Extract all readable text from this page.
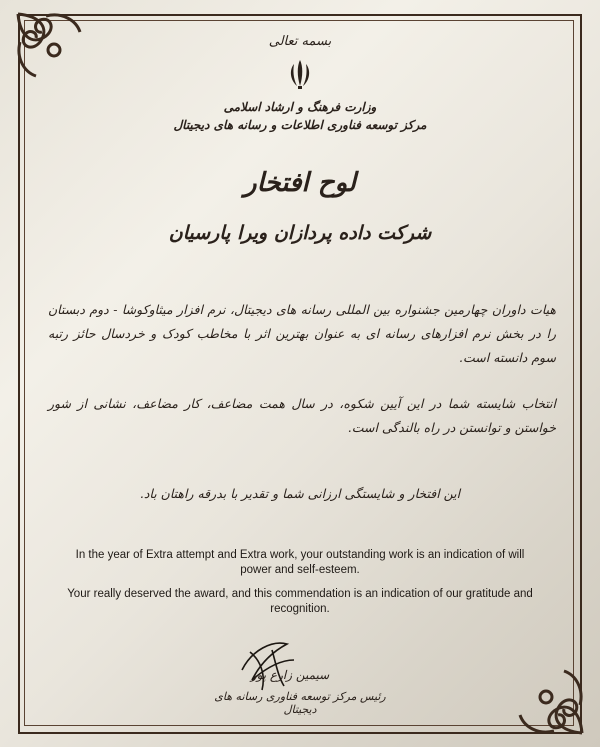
بسمه تعالی
وزارت فرهنگ و ارشاد اسلامی
مرکز توسعه فناوری اطلاعات و رسانه های دیجیتال
لوح افتخار
شرکت داده پردازان ویرا پارسیان
هیات داوران چهارمین جشنواره بین المللی رسانه های دیجیتال، نرم افزار میثاوکوشا - دوم دبستان را در بخش نرم افزارهای رسانه ای به عنوان بهترین اثر با مخاطب کودک و خردسال حائز رتبه سوم دانسته است.
انتخاب شایسته شما در این آیین شکوه، در سال همت مضاعف، کار مضاعف، نشانی از شور خواستن و توانستن در راه بالندگی است.
این افتخار و شایستگی ارزانی شما و تقدیر با بدرقه راهتان باد.
In the year of Extra attempt and Extra work, your outstanding work is an indication of will power and self-esteem.
Your really deserved the award, and this commendation is an indication of our gratitude and recognition.
سیمین زارع پور
رئیس مرکز توسعه فناوری رسانه های دیجیتال
